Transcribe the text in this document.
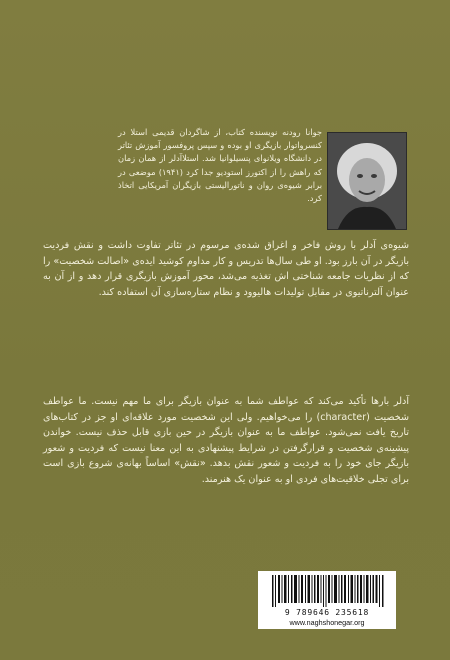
جوانا رودنه نویسنده کتاب، از شاگردان قدیمی استلا در کنسرواتوار بازیگری او بوده و سپس پروفسور آموزش تئاتر در دانشگاه ویلانوای پنسیلوانیا شد. استلا‌آدلر از همان زمان که راهش را از اکتورز استودیو جدا کرد (۱۹۴۱) موضعی در برابر شیوه‌ی روان و ناتورالیستی بازیگران آمریکایی اتخاذ کرد.

شیوه‌ی آدلر با روش فاخر و اغراق شده‌ی مرسوم در تئاتر تفاوت داشت و نقش فردیت بازیگر در آن بارز بود. او طی سال‌ها تدریس و کار مداوم کوشید ایده‌ی «اصالت شخصیت» را که از نظریات جامعه شناختی اش تغذیه می‌شد، محور آموزش بازیگری قرار دهد و از آن به عنوان آلترناتیوی در مقابل تولیدات هالیوود و نظام ستاره‌سازی آن استفاده کند.

آدلر بارها تأکید می‌کند که عواطف شما به عنوان بازیگر برای ما مهم نیست. ما عواطف شخصیت (character) را می‌خواهیم. ولی این شخصیت مورد علاقه‌ای او جز در کتاب‌های تاریخ یافت نمی‌شود. عواطف ما به عنوان بازیگر در حین بازی قابل حذف نیست. خواندن پیشینه‌ی شخصیت و قرارگرفتن در شرایط پیشنهادی به این معنا نیست که فردیت و شعور بازیگر جای خود را به فردیت و شعور نقش بدهد. «نقش» اساساً بهانه‌ی شروع بازی است برای تجلی خلاقیت‌های فردی او به عنوان یک هنرمند.

9 789646 235618
www.naghshonegar.org
